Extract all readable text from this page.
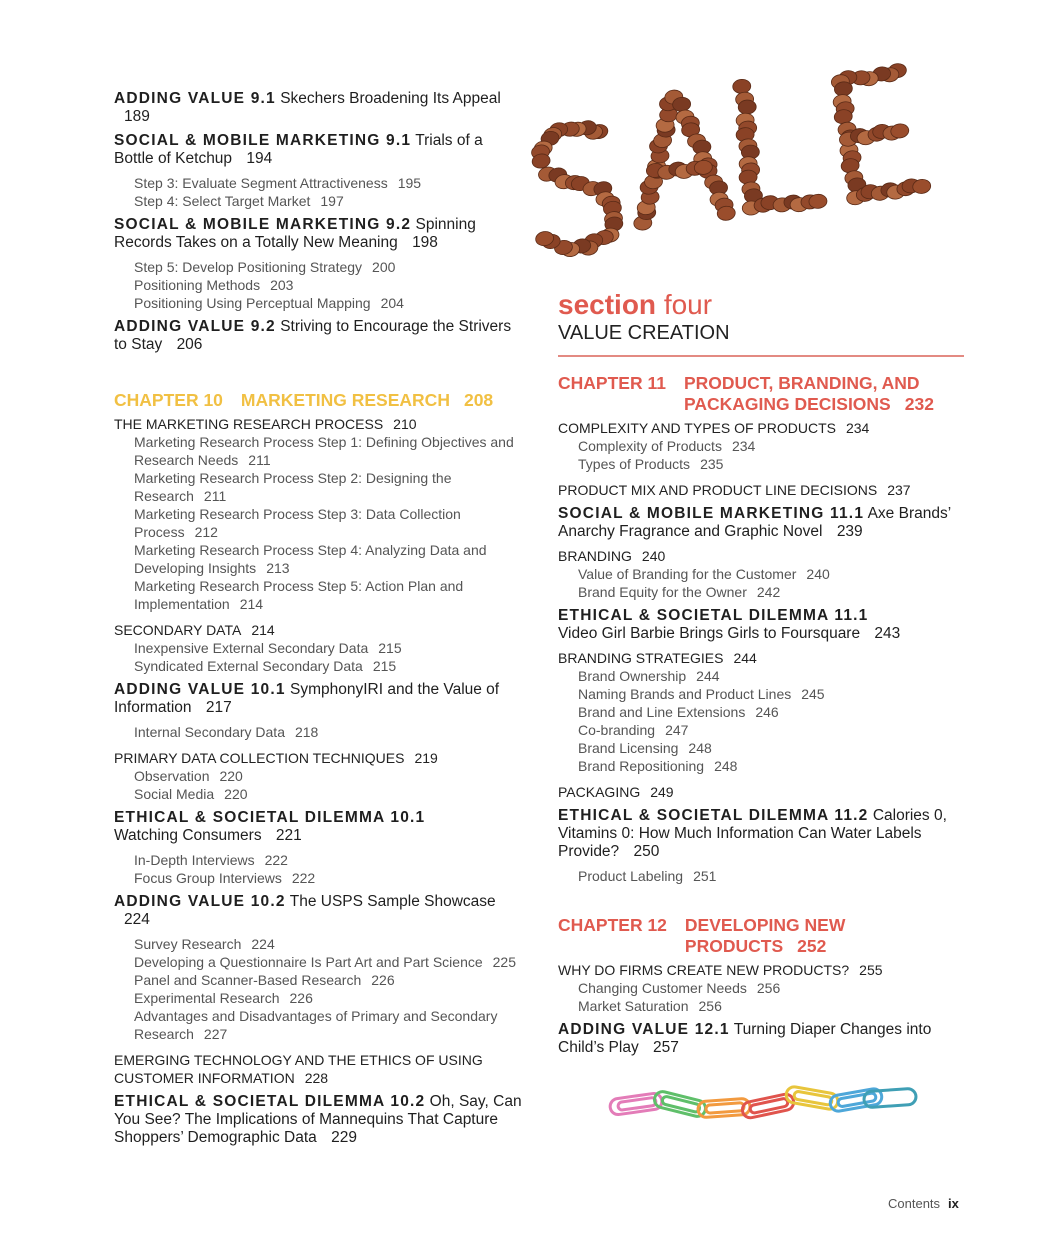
ADDING VALUE 9.1 Skechers Broadening Its Appeal 189
SOCIAL & MOBILE MARKETING 9.1 Trials of a Bottle of Ketchup 194
Step 3: Evaluate Segment Attractiveness 195
Step 4: Select Target Market 197
SOCIAL & MOBILE MARKETING 9.2 Spinning Records Takes on a Totally New Meaning 198
Step 5: Develop Positioning Strategy 200
Positioning Methods 203
Positioning Using Perceptual Mapping 204
ADDING VALUE 9.2 Striving to Encourage the Strivers to Stay 206
CHAPTER 10 MARKETING RESEARCH 208
THE MARKETING RESEARCH PROCESS 210
Marketing Research Process Step 1: Defining Objectives and Research Needs 211
Marketing Research Process Step 2: Designing the Research 211
Marketing Research Process Step 3: Data Collection Process 212
Marketing Research Process Step 4: Analyzing Data and Developing Insights 213
Marketing Research Process Step 5: Action Plan and Implementation 214
SECONDARY DATA 214
Inexpensive External Secondary Data 215
Syndicated External Secondary Data 215
ADDING VALUE 10.1 SymphonyIRI and the Value of Information 217
Internal Secondary Data 218
PRIMARY DATA COLLECTION TECHNIQUES 219
Observation 220
Social Media 220
ETHICAL & SOCIETAL DILEMMA 10.1
Watching Consumers 221
In-Depth Interviews 222
Focus Group Interviews 222
ADDING VALUE 10.2 The USPS Sample Showcase 224
Survey Research 224
Developing a Questionnaire Is Part Art and Part Science 225
Panel and Scanner-Based Research 226
Experimental Research 226
Advantages and Disadvantages of Primary and Secondary Research 227
EMERGING TECHNOLOGY AND THE ETHICS OF USING CUSTOMER INFORMATION 228
ETHICAL & SOCIETAL DILEMMA 10.2 Oh, Say, Can You See? The Implications of Mannequins That Capture Shoppers’ Demographic Data 229
section four
VALUE CREATION
CHAPTER 11 PRODUCT, BRANDING, AND PACKAGING DECISIONS 232
COMPLEXITY AND TYPES OF PRODUCTS 234
Complexity of Products 234
Types of Products 235
PRODUCT MIX AND PRODUCT LINE DECISIONS 237
SOCIAL & MOBILE MARKETING 11.1 Axe Brands’ Anarchy Fragrance and Graphic Novel 239
BRANDING 240
Value of Branding for the Customer 240
Brand Equity for the Owner 242
ETHICAL & SOCIETAL DILEMMA 11.1
Video Girl Barbie Brings Girls to Foursquare 243
BRANDING STRATEGIES 244
Brand Ownership 244
Naming Brands and Product Lines 245
Brand and Line Extensions 246
Co-branding 247
Brand Licensing 248
Brand Repositioning 248
PACKAGING 249
ETHICAL & SOCIETAL DILEMMA 11.2 Calories 0, Vitamins 0: How Much Information Can Water Labels Provide? 250
Product Labeling 251
CHAPTER 12 DEVELOPING NEW PRODUCTS 252
WHY DO FIRMS CREATE NEW PRODUCTS? 255
Changing Customer Needs 256
Market Saturation 256
ADDING VALUE 12.1 Turning Diaper Changes into Child’s Play 257
Contents ix
